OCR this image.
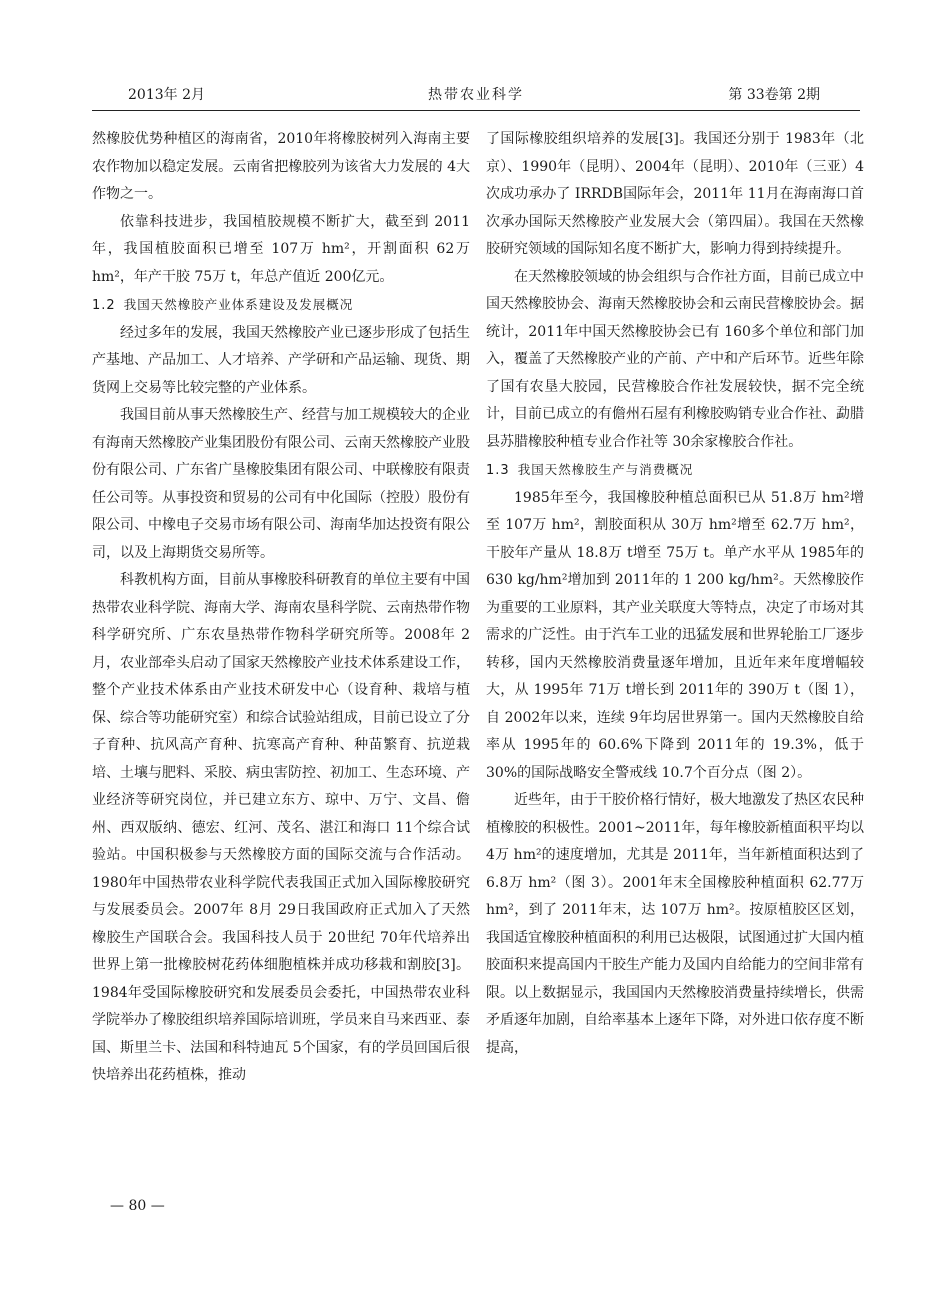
2013年 2月	热带农业科学	第 33卷第 2期

然橡胶优势种植区的海南省，2010年将橡胶树列入海南主要农作物加以稳定发展。云南省把橡胶列为该省大力发展的 4大作物之一。

依靠科技进步，我国植胶规模不断扩大，截至到 2011年，我国植胶面积已增至 107万 hm²，开割面积 62万 hm²，年产干胶 75万 t，年总产值近 200亿元。

1.2 我国天然橡胶产业体系建设及发展概况

经过多年的发展，我国天然橡胶产业已逐步形成了包括生产基地、产品加工、人才培养、产学研和产品运输、现货、期货网上交易等比较完整的产业体系。

我国目前从事天然橡胶生产、经营与加工规模较大的企业有海南天然橡胶产业集团股份有限公司、云南天然橡胶产业股份有限公司、广东省广垦橡胶集团有限公司、中联橡胶有限责任公司等。从事投资和贸易的公司有中化国际（控股）股份有限公司、中橡电子交易市场有限公司、海南华加达投资有限公司，以及上海期货交易所等。

科教机构方面，目前从事橡胶科研教育的单位主要有中国热带农业科学院、海南大学、海南农垦科学院、云南热带作物科学研究所、广东农垦热带作物科学研究所等。2008年 2月，农业部牵头启动了国家天然橡胶产业技术体系建设工作，整个产业技术体系由产业技术研发中心（设育种、栽培与植保、综合等功能研究室）和综合试验站组成，目前已设立了分子育种、抗风高产育种、抗寒高产育种、种苗繁育、抗逆栽培、土壤与肥料、采胶、病虫害防控、初加工、生态环境、产业经济等研究岗位，并已建立东方、琼中、万宁、文昌、儋州、西双版纳、德宏、红河、茂名、湛江和海口 11个综合试验站。中国积极参与天然橡胶方面的国际交流与合作活动。1980年中国热带农业科学院代表我国正式加入国际橡胶研究与发展委员会。2007年 8月 29日我国政府正式加入了天然橡胶生产国联合会。我国科技人员于 20世纪 70年代培养出世界上第一批橡胶树花药体细胞植株并成功移栽和割胶[3]。1984年受国际橡胶研究和发展委员会委托，中国热带农业科学院举办了橡胶组织培养国际培训班，学员来自马来西亚、泰国、斯里兰卡、法国和科特迪瓦 5个国家，有的学员回国后很快培养出花药植株，推动

了国际橡胶组织培养的发展[3]。我国还分别于 1983年（北京）、1990年（昆明）、2004年（昆明）、2010年（三亚）4次成功承办了 IRRDB国际年会，2011年 11月在海南海口首次承办国际天然橡胶产业发展大会（第四届）。我国在天然橡胶研究领域的国际知名度不断扩大，影响力得到持续提升。

在天然橡胶领域的协会组织与合作社方面，目前已成立中国天然橡胶协会、海南天然橡胶协会和云南民营橡胶协会。据统计，2011年中国天然橡胶协会已有 160多个单位和部门加入，覆盖了天然橡胶产业的产前、产中和产后环节。近些年除了国有农垦大胶园，民营橡胶合作社发展较快，据不完全统计，目前已成立的有儋州石屋有利橡胶购销专业合作社、勐腊县苏腊橡胶种植专业合作社等 30余家橡胶合作社。

1.3 我国天然橡胶生产与消费概况

1985年至今，我国橡胶种植总面积已从 51.8万 hm²增至 107万 hm²，割胶面积从 30万 hm²增至 62.7万 hm²，干胶年产量从 18.8万 t增至 75万 t。单产水平从 1985年的 630 kg/hm²增加到 2011年的 1 200 kg/hm²。天然橡胶作为重要的工业原料，其产业关联度大等特点，决定了市场对其需求的广泛性。由于汽车工业的迅猛发展和世界轮胎工厂逐步转移，国内天然橡胶消费量逐年增加，且近年来年度增幅较大，从 1995年 71万 t增长到 2011年的 390万 t（图 1），自 2002年以来，连续 9年均居世界第一。国内天然橡胶自给率从 1995年的 60.6%下降到 2011年的 19.3%，低于 30%的国际战略安全警戒线 10.7个百分点（图 2）。

近些年，由于干胶价格行情好，极大地激发了热区农民种植橡胶的积极性。2001~2011年，每年橡胶新植面积平均以 4万 hm²的速度增加，尤其是 2011年，当年新植面积达到了 6.8万 hm²（图 3）。2001年末全国橡胶种植面积 62.77万 hm²，到了 2011年末，达 107万 hm²。按原植胶区区划，我国适宜橡胶种植面积的利用已达极限，试图通过扩大国内植胶面积来提高国内干胶生产能力及国内自给能力的空间非常有限。以上数据显示，我国国内天然橡胶消费量持续增长，供需矛盾逐年加剧，自给率基本上逐年下降，对外进口依存度不断提高，

— 80 —
